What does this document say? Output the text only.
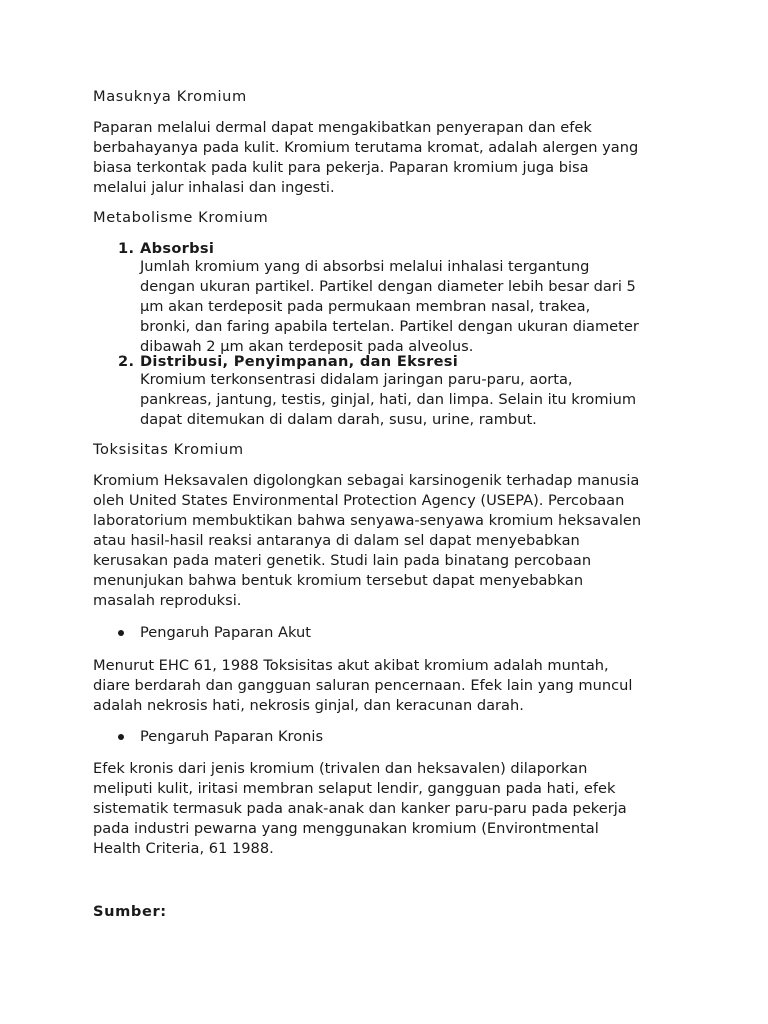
Masuknya Kromium

Paparan melalui dermal dapat mengakibatkan penyerapan dan efek
berbahayanya pada kulit. Kromium terutama kromat, adalah alergen yang
biasa terkontak pada kulit para pekerja. Paparan kromium juga bisa
melalui jalur inhalasi dan ingesti.

Metabolisme Kromium
1. Absorbsi
Jumlah kromium yang di absorbsi melalui inhalasi tergantung
dengan ukuran partikel. Partikel dengan diameter lebih besar dari 5
μm akan terdeposit pada permukaan membran nasal, trakea,
bronki, dan faring apabila tertelan. Partikel dengan ukuran diameter
dibawah 2 μm akan terdeposit pada alveolus.
2. Distribusi, Penyimpanan, dan Eksresi
Kromium terkonsentrasi didalam jaringan paru-paru, aorta,
pankreas, jantung, testis, ginjal, hati, dan limpa. Selain itu kromium
dapat ditemukan di dalam darah, susu, urine, rambut.
Toksisitas Kromium

Kromium Heksavalen digolongkan sebagai karsinogenik terhadap manusia
oleh United States Environmental Protection Agency (USEPA). Percobaan
laboratorium membuktikan bahwa senyawa-senyawa kromium heksavalen
atau hasil-hasil reaksi antaranya di dalam sel dapat menyebabkan
kerusakan pada materi genetik. Studi lain pada binatang percobaan
menunjukan bahwa bentuk kromium tersebut dapat menyebabkan
masalah reproduksi.

Pengaruh Paparan Akut

Menurut EHC 61, 1988 Toksisitas akut akibat kromium adalah muntah,
diare berdarah dan gangguan saluran pencernaan. Efek lain yang muncul
adalah nekrosis hati, nekrosis ginjal, dan keracunan darah.

Pengaruh Paparan Kronis

Efek kronis dari jenis kromium (trivalen dan heksavalen) dilaporkan
meliputi kulit, iritasi membran selaput lendir, gangguan pada hati, efek
sistematik termasuk pada anak-anak dan kanker paru-paru pada pekerja
pada industri pewarna yang menggunakan kromium (Environtmental
Health Criteria, 61 1988.

Sumber:
